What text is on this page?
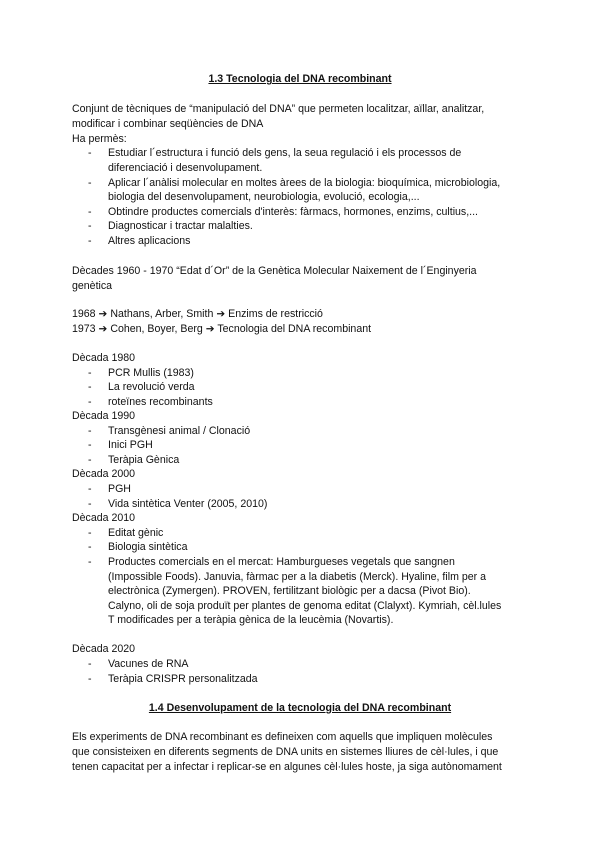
1.3 Tecnologia del DNA recombinant
Conjunt de tècniques de “manipulació del DNA” que permeten localitzar, aïllar, analitzar,
modificar i combinar seqüències de DNA
Ha permès:
- Estudiar l´estructura i funció dels gens, la seua regulació i els processos de
diferenciació i desenvolupament.
- Aplicar l´anàlisi molecular en moltes àrees de la biologia: bioquímica, microbiologia,
biologia del desenvolupament, neurobiologia, evolució, ecologia,...
- Obtindre productes comercials d'interès: fàrmacs, hormones, enzims, cultius,...
- Diagnosticar i tractar malalties.
- Altres aplicacions
Dècades 1960 - 1970 “Edat d´Or” de la Genètica Molecular Naixement de l´Enginyeria
genètica
1968 ➔ Nathans, Arber, Smith ➔ Enzims de restricció
1973 ➔ Cohen, Boyer, Berg ➔ Tecnologia del DNA recombinant
Dècada 1980
- PCR Mullis (1983)
- La revolució verda
- roteïnes recombinants
Dècada 1990
- Transgènesi animal / Clonació
- Inici PGH
- Teràpia Gènica
Dècada 2000
- PGH
- Vida sintètica Venter (2005, 2010)
Dècada 2010
- Editat gènic
- Biologia sintètica
- Productes comercials en el mercat: Hamburgueses vegetals que sangnen
(Impossible Foods). Januvia, fàrmac per a la diabetis (Merck). Hyaline, film per a
electrònica (Zymergen). PROVEN, fertilitzant biològic per a dacsa (Pivot Bio).
Calyno, oli de soja produït per plantes de genoma editat (Clalyxt). Kymriah, cèl.lules
T modificades per a teràpia gènica de la leucèmia (Novartis).
Dècada 2020
- Vacunes de RNA
- Teràpia CRISPR personalitzada
1.4 Desenvolupament de la tecnologia del DNA recombinant
Els experiments de DNA recombinant es defineixen com aquells que impliquen molècules
que consisteixen en diferents segments de DNA units en sistemes lliures de cèl·lules, i que
tenen capacitat per a infectar i replicar-se en algunes cèl·lules hoste, ja siga autònomament
